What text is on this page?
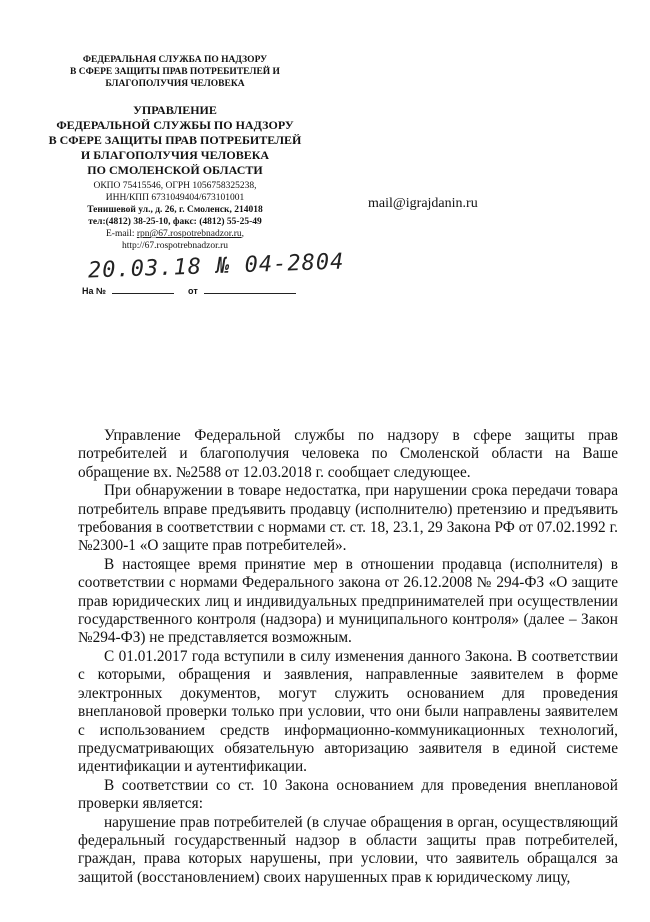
ФЕДЕРАЛЬНАЯ СЛУЖБА ПО НАДЗОРУ
В СФЕРЕ ЗАЩИТЫ ПРАВ ПОТРЕБИТЕЛЕЙ И
БЛАГОПОЛУЧИЯ ЧЕЛОВЕКА
УПРАВЛЕНИЕ
ФЕДЕРАЛЬНОЙ СЛУЖБЫ ПО НАДЗОРУ
В СФЕРЕ ЗАЩИТЫ ПРАВ ПОТРЕБИТЕЛЕЙ
И БЛАГОПОЛУЧИЯ ЧЕЛОВЕКА
ПО СМОЛЕНСКОЙ ОБЛАСТИ
ОКПО 75415546, ОГРН 1056758325238,
ИНН/КПП 6731049404/673101001
Тенишевой ул., д. 26, г. Смоленск, 214018
тел:(4812) 38-25-10, факс: (4812) 55-25-49
E-mail: rpn@67.rospotrebnadzor.ru,
http://67.rospotrebnadzor.ru
mail@igrajdanin.ru
20.03.18 № 04-2804
На №	от

Управление Федеральной службы по надзору в сфере защиты прав потребителей и благополучия человека по Смоленской области на Ваше обращение вх. №2588 от 12.03.2018 г. сообщает следующее.

При обнаружении в товаре недостатка, при нарушении срока передачи товара потребитель вправе предъявить продавцу (исполнителю) претензию и предъявить требования в соответствии с нормами ст. ст. 18, 23.1, 29 Закона РФ от 07.02.1992 г. №2300-1 «О защите прав потребителей».

В настоящее время принятие мер в отношении продавца (исполнителя) в соответствии с нормами Федерального закона от 26.12.2008 № 294-ФЗ «О защите прав юридических лиц и индивидуальных предпринимателей при осуществлении государственного контроля (надзора) и муниципального контроля» (далее – Закон №294-ФЗ) не представляется возможным.

С 01.01.2017 года вступили в силу изменения данного Закона. В соответствии с которыми, обращения и заявления, направленные заявителем в форме электронных документов, могут служить основанием для проведения внеплановой проверки только при условии, что они были направлены заявителем с использованием средств информационно-коммуникационных технологий, предусматривающих обязательную авторизацию заявителя в единой системе идентификации и аутентификации.

В соответствии со ст. 10 Закона основанием для проведения внеплановой проверки является:

нарушение прав потребителей (в случае обращения в орган, осуществляющий федеральный государственный надзор в области защиты прав потребителей, граждан, права которых нарушены, при условии, что заявитель обращался за защитой (восстановлением) своих нарушенных прав к юридическому лицу,
